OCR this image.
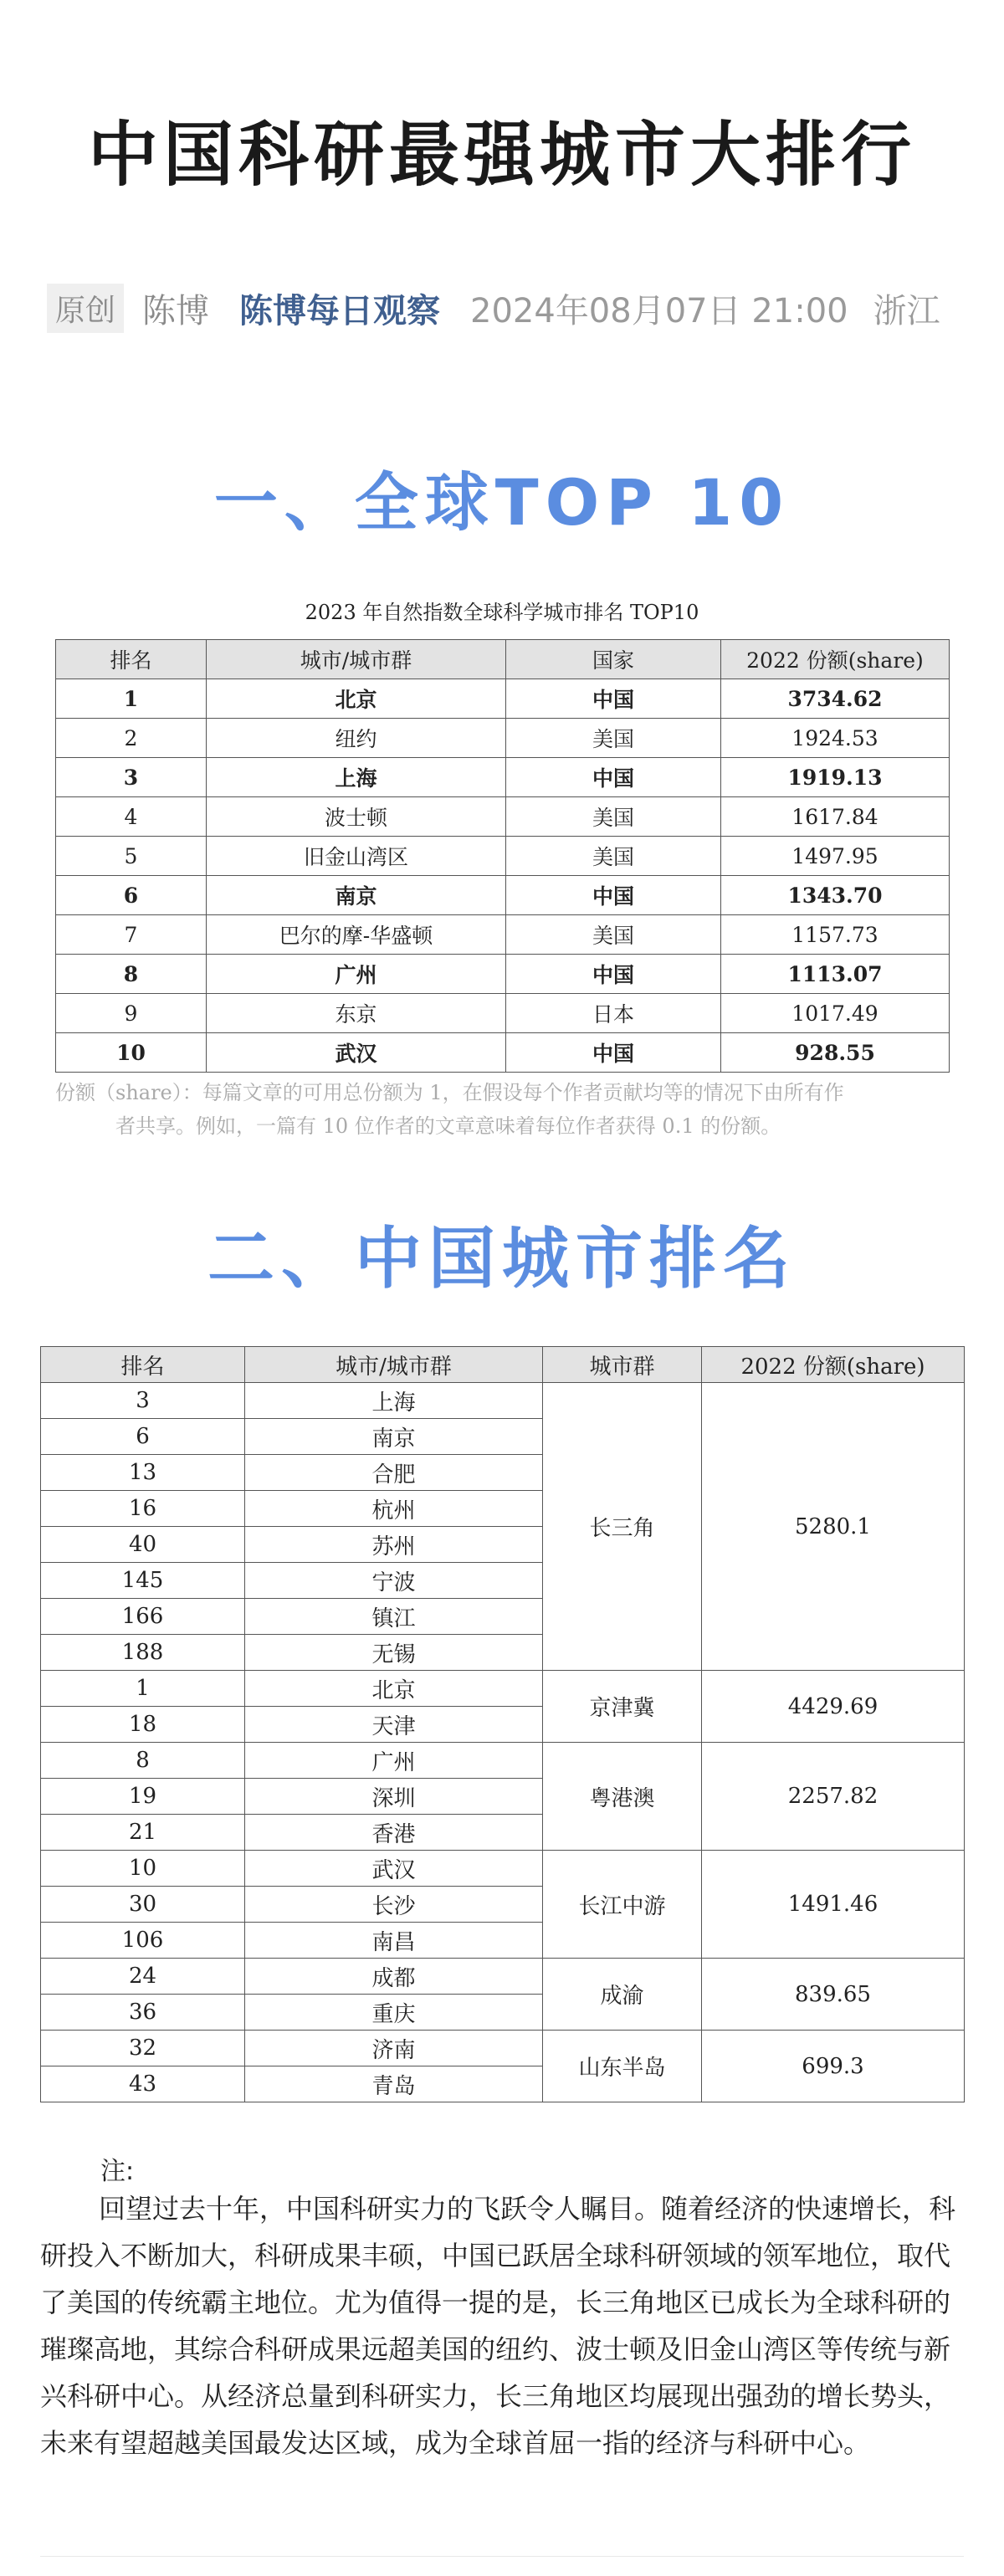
中国科研最强城市大排行
原创 陈博 陈博每日观察 2024年08月07日 21:00 浙江
一、全球TOP 10
2023 年自然指数全球科学城市排名 TOP10
排名	城市/城市群	国家	2022 份额(share)
1	北京	中国	3734.62
2	纽约	美国	1924.53
3	上海	中国	1919.13
4	波士顿	美国	1617.84
5	旧金山湾区	美国	1497.95
6	南京	中国	1343.70
7	巴尔的摩-华盛顿	美国	1157.73
8	广州	中国	1113.07
9	东京	日本	1017.49
10	武汉	中国	928.55
份额（share）：每篇文章的可用总份额为 1，在假设每个作者贡献均等的情况下由所有作
者共享。例如，一篇有 10 位作者的文章意味着每位作者获得 0.1 的份额。
二、中国城市排名
排名	城市/城市群	城市群	2022 份额(share)
3	上海	长三角	5280.1
6	南京		
13	合肥		
16	杭州		
40	苏州		
145	宁波		
166	镇江		
188	无锡		
1	北京	京津冀	4429.69
18	天津		
8	广州	粤港澳	2257.82
19	深圳		
21	香港		
10	武汉	长江中游	1491.46
30	长沙		
106	南昌		
24	成都	成渝	839.65
36	重庆		
32	济南	山东半岛	699.3
43	青岛		
注:

回望过去十年，中国科研实力的飞跃令人瞩目。随着经济的快速增长，科研投入不断加大，科研成果丰硕，中国已跃居全球科研领域的领军地位，取代了美国的传统霸主地位。尤为值得一提的是，长三角地区已成长为全球科研的璀璨高地，其综合科研成果远超美国的纽约、波士顿及旧金山湾区等传统与新兴科研中心。从经济总量到科研实力，长三角地区均展现出强劲的增长势头，未来有望超越美国最发达区域，成为全球首屈一指的经济与科研中心。
